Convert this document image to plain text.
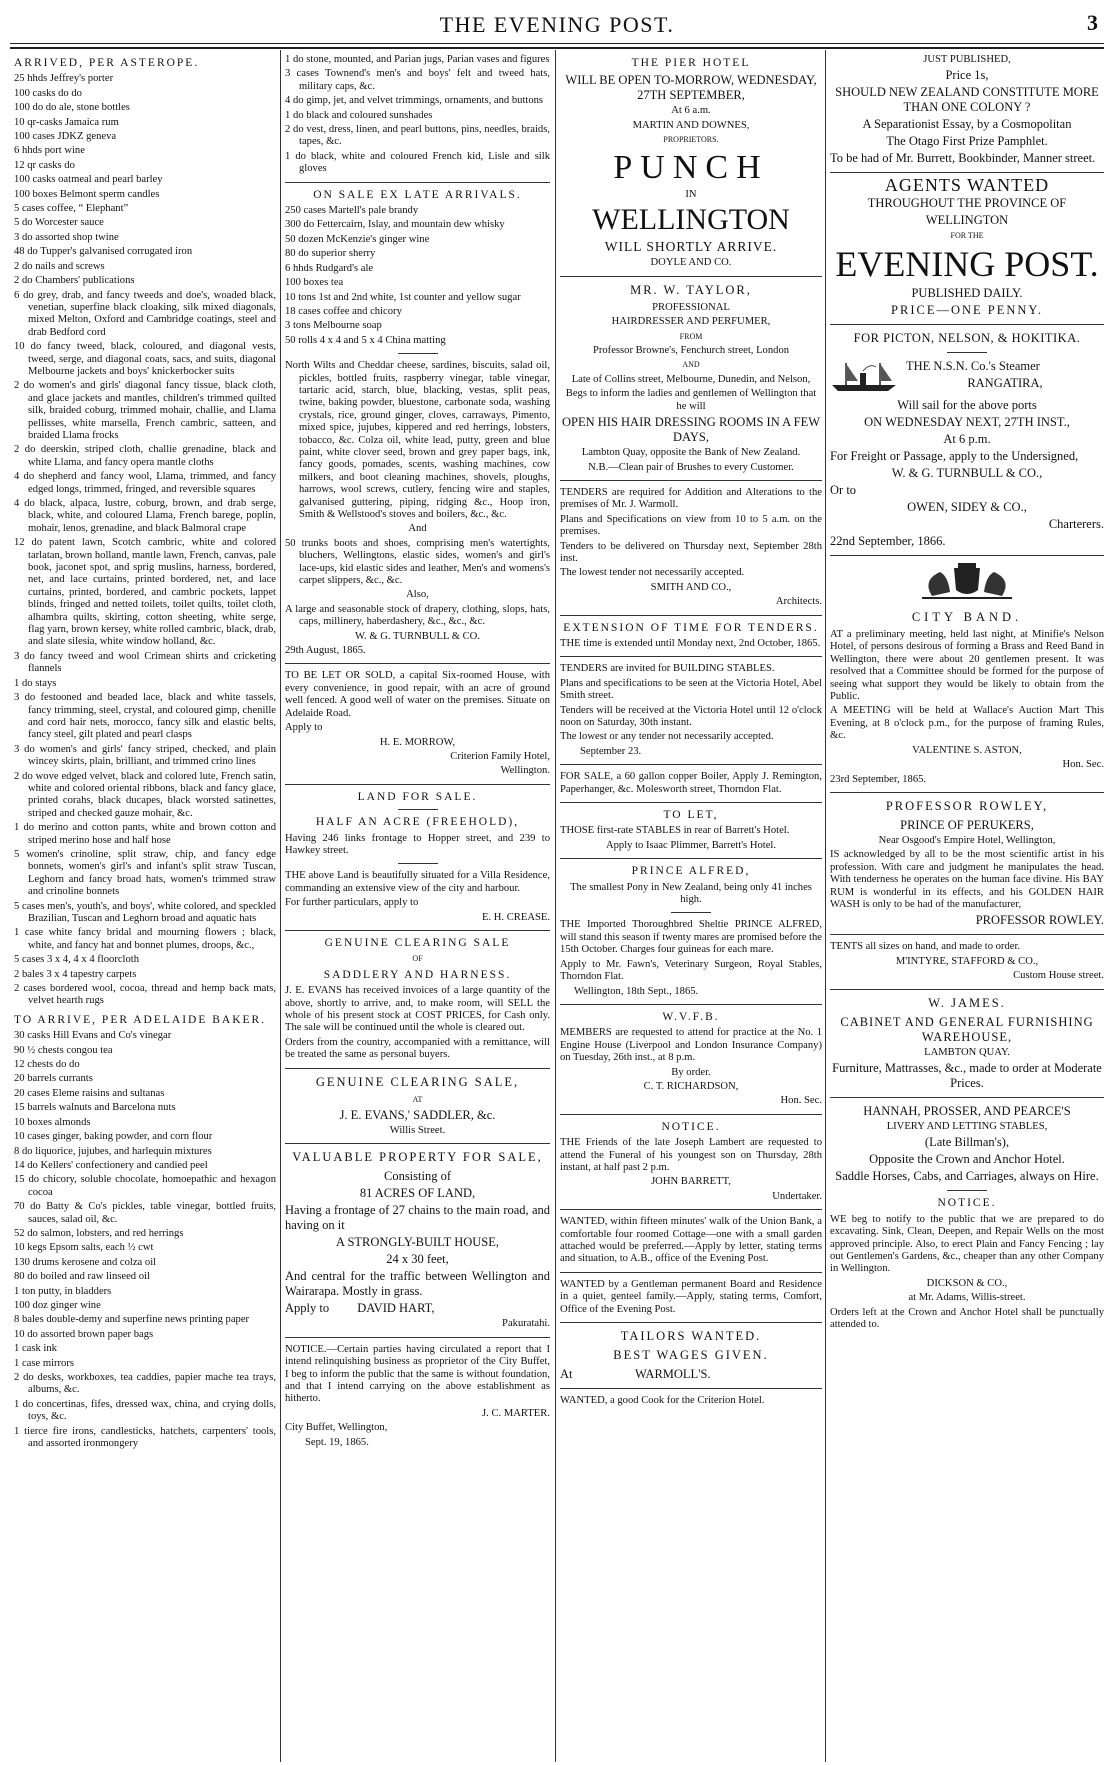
THE EVENING POST.	3
ARRIVED, PER ASTEROPE.

25 hhds Jeffrey's porter

100 casks do do

100 do do ale, stone bottles

10 qr-casks Jamaica rum

100 cases JDKZ geneva

6 hhds port wine

12 qr casks do

100 casks oatmeal and pearl barley

100 boxes Belmont sperm candles

5 cases coffee, “ Elephant”

5 do Worcester sauce

3 do assorted shop twine

48 do Tupper's galvanised corrugated iron

2 do nails and screws

2 do Chambers' publications

6 do grey, drab, and fancy tweeds and doe's, woaded black, venetian, superfine black cloaking, silk mixed diagonals, mixed Melton, Oxford and Cambridge coatings, steel and drab Bedford cord

10 do fancy tweed, black, coloured, and diagonal vests, tweed, serge, and diagonal coats, sacs, and suits, diagonal Melbourne jackets and boys' knickerbocker suits

2 do women's and girls' diagonal fancy tissue, black cloth, and glace jackets and mantles, children's trimmed quilted silk, braided coburg, trimmed mohair, challie, and Llama pellisses, white marsella, French cambric, satteen, and braided Llama frocks

2 do deerskin, striped cloth, challie grenadine, black and white Llama, and fancy opera mantle cloths

4 do shepherd and fancy wool, Llama, trimmed, and fancy edged longs, trimmed, fringed, and reversible squares

4 do black, alpaca, lustre, coburg, brown, and drab serge, black, white, and coloured Llama, French barege, poplin, mohair, lenos, grenadine, and black Balmoral crape

12 do patent lawn, Scotch cambric, white and colored tarlatan, brown holland, mantle lawn, French, canvas, pale book, jaconet spot, and sprig muslins, harness, bordered, net, and lace curtains, printed bordered, net, and lace curtains, printed, bordered, and cambric pockets, lappet blinds, fringed and netted toilets, toilet quilts, toilet cloth, alhambra quilts, skirting, cotton sheeting, white serge, flag yarn, brown kersey, white rolled cambric, black, drab, and slate silesia, white window holland, &c.

3 do fancy tweed and wool Crimean shirts and cricketing flannels

1 do stays

3 do festooned and beaded lace, black and white tassels, fancy trimming, steel, crystal, and coloured gimp, chenille and cord hair nets, morocco, fancy silk and elastic belts, fancy steel, gilt plated and pearl clasps

3 do women's and girls' fancy striped, checked, and plain wincey skirts, plain, brilliant, and trimmed crino lines

2 do wove edged velvet, black and colored lute, French satin, white and colored oriental ribbons, black and fancy glace, printed corahs, black ducapes, black worsted satinettes, striped and checked gauze mohair, &c.

1 do merino and cotton pants, white and brown cotton and striped merino hose and half hose

5 women's crinoline, split straw, chip, and fancy edge bonnets, women's girl's and infant's split straw Tuscan, Leghorn and fancy broad hats, women's trimmed straw and crinoline bonnets

5 cases men's, youth's, and boys', white colored, and speckled Brazilian, Tuscan and Leghorn broad and aquatic hats

1 case white fancy bridal and mourning flowers ; black, white, and fancy hat and bonnet plumes, droops, &c.,

5 cases 3 x 4, 4 x 4 floorcloth

2 bales 3 x 4 tapestry carpets

2 cases bordered wool, cocoa, thread and hemp back mats, velvet hearth rugs

TO ARRIVE, PER ADELAIDE BAKER.

30 casks Hill Evans and Co's vinegar

90 ½ chests congou tea

12 chests do do

20 barrels currants

20 cases Eleme raisins and sultanas

15 barrels walnuts and Barcelona nuts

10 boxes almonds

10 cases ginger, baking powder, and corn flour

8 do liquorice, jujubes, and harlequin mixtures

14 do Kellers' confectionery and candied peel

15 do chicory, soluble chocolate, homoepathic and hexagon cocoa

70 do Batty & Co's pickles, table vinegar, bottled fruits, sauces, salad oil, &c.

52 do salmon, lobsters, and red herrings

10 kegs Epsom salts, each ½ cwt

130 drums kerosene and colza oil

80 do boiled and raw linseed oil

1 ton putty, in bladders

100 doz ginger wine

8 bales double-demy and superfine news printing paper

10 do assorted brown paper bags

1 cask ink

1 case mirrors

2 do desks, workboxes, tea caddies, papier mache tea trays, albums, &c.

1 do concertinas, fifes, dressed wax, china, and crying dolls, toys, &c.

1 tierce fire irons, candlesticks, hatchets, carpenters' tools, and assorted ironmongery

1 do stone, mounted, and Parian jugs, Parian vases and figures

3 cases Townend's men's and boys' felt and tweed hats, military caps, &c.

4 do gimp, jet, and velvet trimmings, ornaments, and buttons

1 do black and coloured sunshades

2 do vest, dress, linen, and pearl buttons, pins, needles, braids, tapes, &c.

1 do black, white and coloured French kid, Lisle and silk gloves

ON SALE EX LATE ARRIVALS.

250 cases Martell's pale brandy

300 do Fettercairn, Islay, and mountain dew whisky

50 dozen McKenzie's ginger wine

80 do superior sherry

6 hhds Rudgard's ale

100 boxes tea

10 tons 1st and 2nd white, 1st counter and yellow sugar

18 cases coffee and chicory

3 tons Melbourne soap

50 rolls 4 x 4 and 5 x 4 China matting

North Wilts and Cheddar cheese, sardines, biscuits, salad oil, pickles, bottled fruits, raspberry vinegar, table vinegar, tartaric acid, starch, blue, blacking, vestas, split peas, twine, baking powder, bluestone, carbonate soda, washing crystals, rice, ground ginger, cloves, carraways, Pimento, mixed spice, jujubes, kippered and red herrings, lobsters, tobacco, &c. Colza oil, white lead, putty, green and blue paint, white clover seed, brown and grey paper bags, ink, fancy goods, pomades, scents, washing machines, cow milkers, and boot cleaning machines, shovels, ploughs, harrows, wool screws, cutlery, fencing wire and staples, galvanised guttering, piping, ridging &c., Hoop iron, Smith & Wellstood's stoves and boilers, &c., &c.

And

50 trunks boots and shoes, comprising men's watertights, bluchers, Wellingtons, elastic sides, women's and girl's lace-ups, kid elastic sides and leather, Men's and womens's carpet slippers, &c., &c.

Also,

A large and seasonable stock of drapery, clothing, slops, hats, caps, millinery, haberdashery, &c., &c., &c.

W. & G. TURNBULL & CO.

29th August, 1865.

TO BE LET OR SOLD, a capital Six-roomed House, with every convenience, in good repair, with an acre of ground well fenced. A good well of water on the premises. Situate on Adelaide Road.

Apply to

H. E. MORROW,

Criterion Family Hotel,

Wellington.

LAND FOR SALE.
HALF AN ACRE (FREEHOLD),

Having 246 links frontage to Hopper street, and 239 to Hawkey street.

THE above Land is beautifully situated for a Villa Residence, commanding an extensive view of the city and harbour.

For further particulars, apply to

E. H. CREASE.

GENUINE CLEARING SALE

OF

SADDLERY AND HARNESS.

J. E. EVANS has received invoices of a large quantity of the above, shortly to arrive, and, to make room, will SELL the whole of his present stock at COST PRICES, for Cash only. The sale will be continued until the whole is cleared out.

Orders from the country, accompanied with a remittance, will be treated the same as personal buyers.

GENUINE CLEARING SALE,

AT

J. E. EVANS,' SADDLER, &c.

Willis Street.

VALUABLE PROPERTY FOR SALE,

Consisting of

81 ACRES OF LAND,

Having a frontage of 27 chains to the main road, and having on it

A STRONGLY-BUILT HOUSE,

24 x 30 feet,

And central for the traffic between Wellington and Wairarapa. Mostly in grass.

Apply to DAVID HART,

Pakuratahi.

NOTICE.—Certain parties having circulated a report that I intend relinquishing business as proprietor of the City Buffet, I beg to inform the public that the same is without foundation, and that I intend carrying on the above establishment as hitherto.

J. C. MARTER.

City Buffet, Wellington,

Sept. 19, 1865.

THE PIER HOTEL

WILL BE OPEN TO-MORROW, WEDNESDAY, 27TH SEPTEMBER,

At 6 a.m.

MARTIN AND DOWNES,

PROPRIETORS.

PUNCH

IN

WELLINGTON
WILL SHORTLY ARRIVE.

DOYLE AND CO.

MR. W. TAYLOR,

PROFESSIONAL

HAIRDRESSER AND PERFUMER,

FROM

Professor Browne's, Fenchurch street, London

AND

Late of Collins street, Melbourne, Dunedin, and Nelson,

Begs to inform the ladies and gentlemen of Wellington that he will

OPEN HIS HAIR DRESSING ROOMS IN A FEW DAYS,

Lambton Quay, opposite the Bank of New Zealand.

N.B.—Clean pair of Brushes to every Customer.

TENDERS are required for Addition and Alterations to the premises of Mr. J. Warmoll.

Plans and Specifications on view from 10 to 5 a.m. on the premises.

Tenders to be delivered on Thursday next, September 28th inst.

The lowest tender not necessarily accepted.

SMITH AND CO.,

Architects.

EXTENSION OF TIME FOR TENDERS.

THE time is extended until Monday next, 2nd October, 1865.

TENDERS are invited for BUILDING STABLES.

Plans and specifications to be seen at the Victoria Hotel, Abel Smith street.

Tenders will be received at the Victoria Hotel until 12 o'clock noon on Saturday, 30th instant.

The lowest or any tender not necessarily accepted.

September 23.

FOR SALE, a 60 gallon copper Boiler, Apply J. Remington, Paperhanger, &c. Molesworth street, Thorndon Flat.

TO LET,

THOSE first-rate STABLES in rear of Barrett's Hotel.

Apply to Isaac Plimmer, Barrett's Hotel.

PRINCE ALFRED,

The smallest Pony in New Zealand, being only 41 inches high.

THE Imported Thoroughbred Sheltie PRINCE ALFRED, will stand this season if twenty mares are promised before the 15th October. Charges four guineas for each mare.

Apply to Mr. Fawn's, Veterinary Surgeon, Royal Stables, Thorndon Flat.

Wellington, 18th Sept., 1865.

W.V.F.B.

MEMBERS are requested to attend for practice at the No. 1 Engine House (Liverpool and London Insurance Company) on Tuesday, 26th inst., at 8 p.m.

By order.

C. T. RICHARDSON,

Hon. Sec.

NOTICE.

THE Friends of the late Joseph Lambert are requested to attend the Funeral of his youngest son on Thursday, 28th instant, at half past 2 p.m.

JOHN BARRETT,

Undertaker.

WANTED, within fifteen minutes' walk of the Union Bank, a comfortable four roomed Cottage—one with a small garden attached would be preferred.—Apply by letter, stating terms and situation, to A.B., office of the Evening Post.

WANTED by a Gentleman permanent Board and Residence in a quiet, genteel family.—Apply, stating terms, Comfort, Office of the Evening Post.

TAILORS WANTED.
BEST WAGES GIVEN.

At	WARMOLL'S.

WANTED, a good Cook for the Criterion Hotel.

JUST PUBLISHED,

Price 1s,

SHOULD NEW ZEALAND CONSTITUTE MORE THAN ONE COLONY ?

A Separationist Essay, by a Cosmopolitan

The Otago First Prize Pamphlet.

To be had of Mr. Burrett, Bookbinder, Manner street.

AGENTS WANTED

THROUGHOUT THE PROVINCE OF

WELLINGTON

FOR THE

EVENING POST.

PUBLISHED DAILY.

PRICE—ONE PENNY.

FOR PICTON, NELSON, & HOKITIKA.

THE N.S.N. Co.'s Steamer

RANGATIRA,

Will sail for the above ports

ON WEDNESDAY NEXT, 27TH INST.,

At 6 p.m.

For Freight or Passage, apply to the Undersigned,

W. & G. TURNBULL & CO.,

Or to

OWEN, SIDEY & CO.,

Charterers.

22nd September, 1866.

CITY BAND.

AT a preliminary meeting, held last night, at Minifie's Nelson Hotel, of persons desirous of forming a Brass and Reed Band in Wellington, there were about 20 gentlemen present. It was resolved that a Committee should be formed for the purpose of seeing what support they would be likely to obtain from the Public.

A MEETING will be held at Wallace's Auction Mart This Evening, at 8 o'clock p.m., for the purpose of framing Rules, &c.

VALENTINE S. ASTON,

Hon. Sec.

23rd September, 1865.

PROFESSOR ROWLEY,

PRINCE OF PERUKERS,

Near Osgood's Empire Hotel, Wellington,

IS acknowledged by all to be the most scientific artist in his profession. With care and judgment he manipulates the head. With tenderness he operates on the human face divine. His BAY RUM is wonderful in its effects, and his GOLDEN HAIR WASH is only to be had of the manufacturer,

PROFESSOR ROWLEY.

TENTS all sizes on hand, and made to order.

M'INTYRE, STAFFORD & CO.,

Custom House street.

W. JAMES.

CABINET AND GENERAL FURNISHING WAREHOUSE,

LAMBTON QUAY.

Furniture, Mattrasses, &c., made to order at Moderate Prices.

HANNAH, PROSSER, AND PEARCE'S

LIVERY AND LETTING STABLES,

(Late Billman's),

Opposite the Crown and Anchor Hotel.

Saddle Horses, Cabs, and Carriages, always on Hire.

NOTICE.

WE beg to notify to the public that we are prepared to do excavating. Sink, Clean, Deepen, and Repair Wells on the most approved principle. Also, to erect Plain and Fancy Fencing ; lay out Gentlemen's Gardens, &c., cheaper than any other Company in Wellington.

DICKSON & CO.,

at Mr. Adams, Willis-street.

Orders left at the Crown and Anchor Hotel shall be punctually attended to.
